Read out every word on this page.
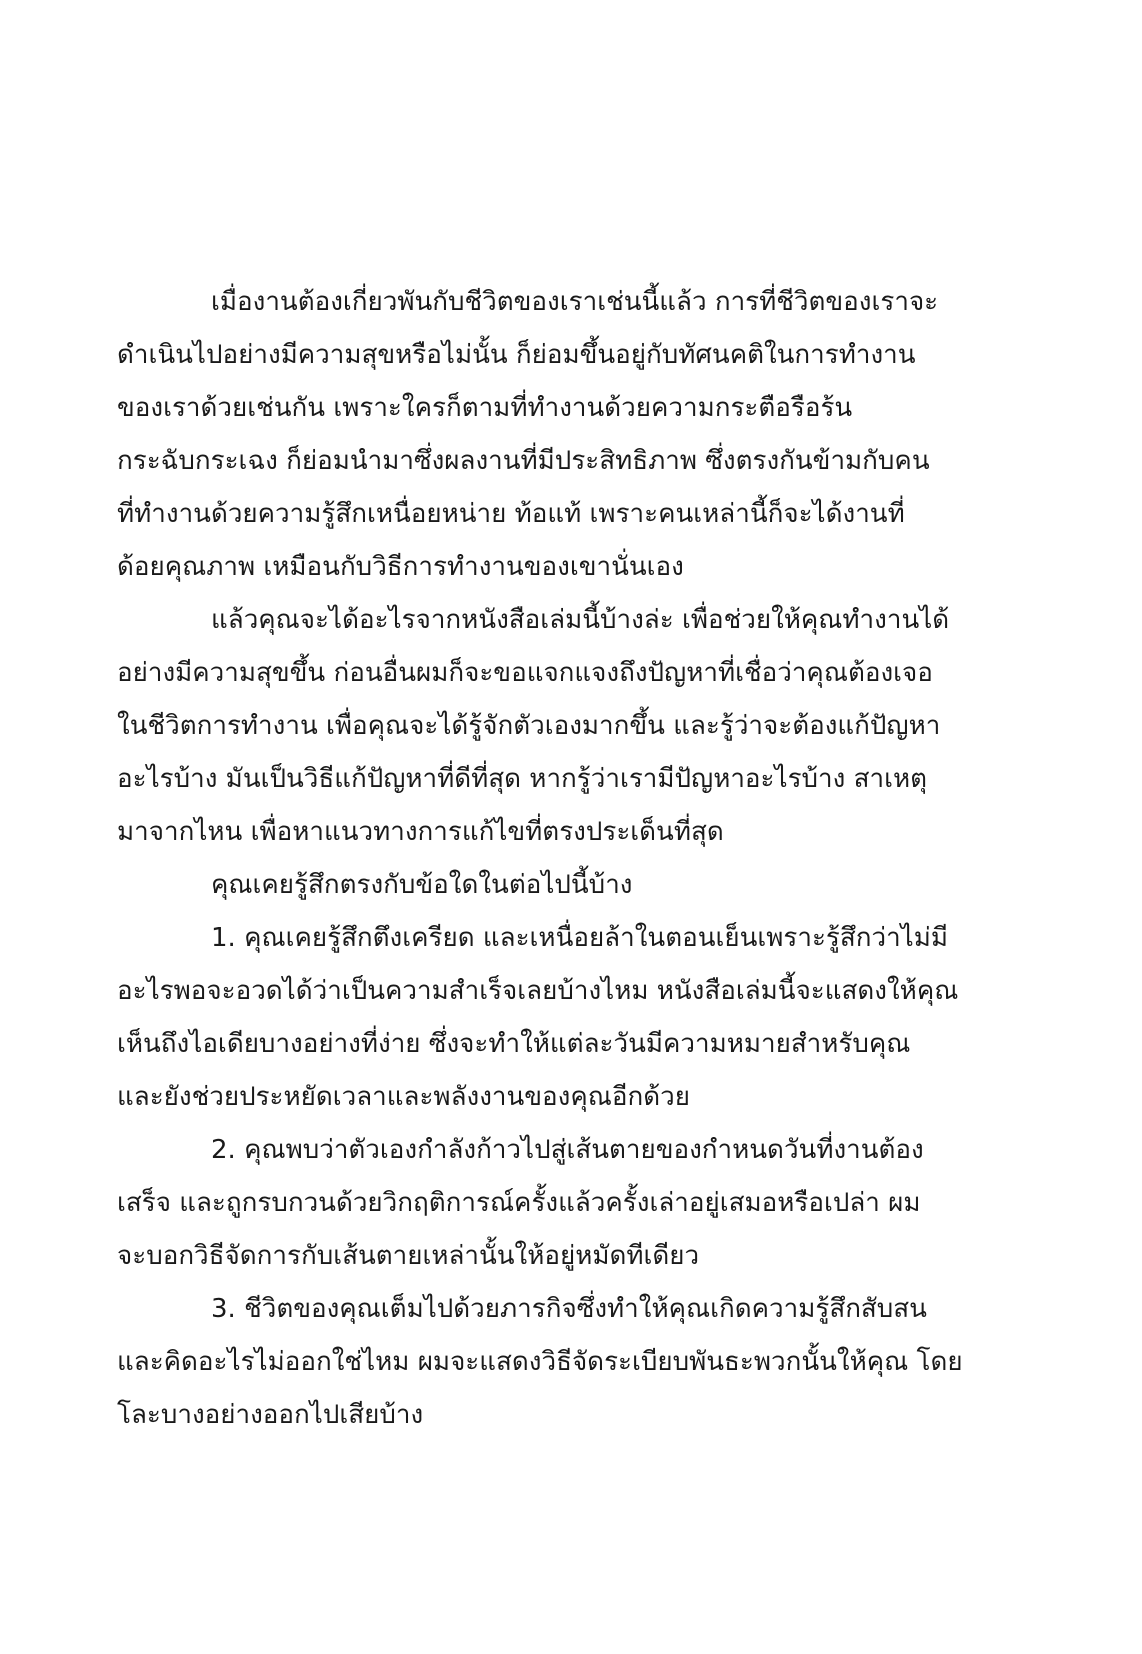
เมื่องานต้องเกี่ยวพันกับชีวิตของเราเช่นนี้แล้ว การที่ชีวิตของเราจะ
ดำเนินไปอย่างมีความสุขหรือไม่นั้น ก็ย่อมขึ้นอยู่กับทัศนคติในการทำงาน
ของเราด้วยเช่นกัน เพราะใครก็ตามที่ทำงานด้วยความกระตือรือร้น
กระฉับกระเฉง ก็ย่อมนำมาซึ่งผลงานที่มีประสิทธิภาพ ซึ่งตรงกันข้ามกับคน
ที่ทำงานด้วยความรู้สึกเหนื่อยหน่าย ท้อแท้ เพราะคนเหล่านี้ก็จะได้งานที่
ด้อยคุณภาพ เหมือนกับวิธีการทำงานของเขานั่นเอง
แล้วคุณจะได้อะไรจากหนังสือเล่มนี้บ้างล่ะ เพื่อช่วยให้คุณทำงานได้
อย่างมีความสุขขึ้น ก่อนอื่นผมก็จะขอแจกแจงถึงปัญหาที่เชื่อว่าคุณต้องเจอ
ในชีวิตการทำงาน เพื่อคุณจะได้รู้จักตัวเองมากขึ้น และรู้ว่าจะต้องแก้ปัญหา
อะไรบ้าง มันเป็นวิธีแก้ปัญหาที่ดีที่สุด หากรู้ว่าเรามีปัญหาอะไรบ้าง สาเหตุ
มาจากไหน เพื่อหาแนวทางการแก้ไขที่ตรงประเด็นที่สุด
คุณเคยรู้สึกตรงกับข้อใดในต่อไปนี้บ้าง
1. คุณเคยรู้สึกตึงเครียด และเหนื่อยล้าในตอนเย็นเพราะรู้สึกว่าไม่มี
อะไรพอจะอวดได้ว่าเป็นความสำเร็จเลยบ้างไหม หนังสือเล่มนี้จะแสดงให้คุณ
เห็นถึงไอเดียบางอย่างที่ง่าย ซึ่งจะทำให้แต่ละวันมีความหมายสำหรับคุณ
และยังช่วยประหยัดเวลาและพลังงานของคุณอีกด้วย
2. คุณพบว่าตัวเองกำลังก้าวไปสู่เส้นตายของกำหนดวันที่งานต้อง
เสร็จ และถูกรบกวนด้วยวิกฤติการณ์ครั้งแล้วครั้งเล่าอยู่เสมอหรือเปล่า ผม
จะบอกวิธีจัดการกับเส้นตายเหล่านั้นให้อยู่หมัดทีเดียว
3. ชีวิตของคุณเต็มไปด้วยภารกิจซึ่งทำให้คุณเกิดความรู้สึกสับสน
และคิดอะไรไม่ออกใช่ไหม ผมจะแสดงวิธีจัดระเบียบพันธะพวกนั้นให้คุณ โดย
โละบางอย่างออกไปเสียบ้าง
